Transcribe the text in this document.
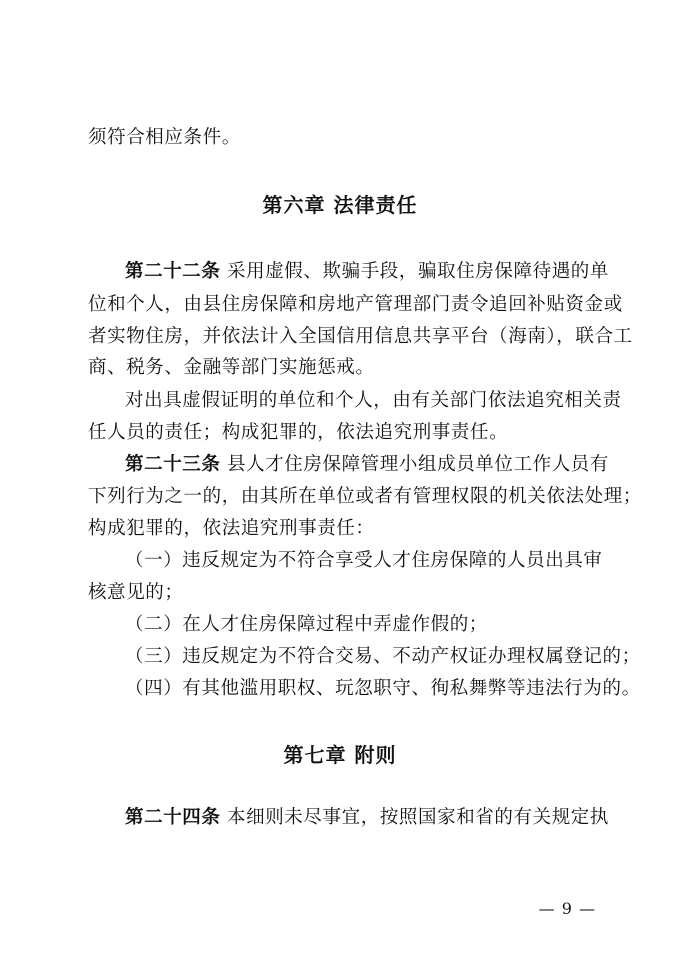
须符合相应条件。
第六章 法律责任
第二十二条 采用虚假、欺骗手段，骗取住房保障待遇的单
位和个人，由县住房保障和房地产管理部门责令追回补贴资金或
者实物住房，并依法计入全国信用信息共享平台（海南），联合工
商、税务、金融等部门实施惩戒。
对出具虚假证明的单位和个人，由有关部门依法追究相关责
任人员的责任；构成犯罪的，依法追究刑事责任。
第二十三条 县人才住房保障管理小组成员单位工作人员有
下列行为之一的，由其所在单位或者有管理权限的机关依法处理；
构成犯罪的，依法追究刑事责任：
（一）违反规定为不符合享受人才住房保障的人员出具审
核意见的；
（二）在人才住房保障过程中弄虚作假的；
（三）违反规定为不符合交易、不动产权证办理权属登记的；
（四）有其他滥用职权、玩忽职守、徇私舞弊等违法行为的。
第七章 附则
第二十四条 本细则未尽事宜，按照国家和省的有关规定执
— 9 —
